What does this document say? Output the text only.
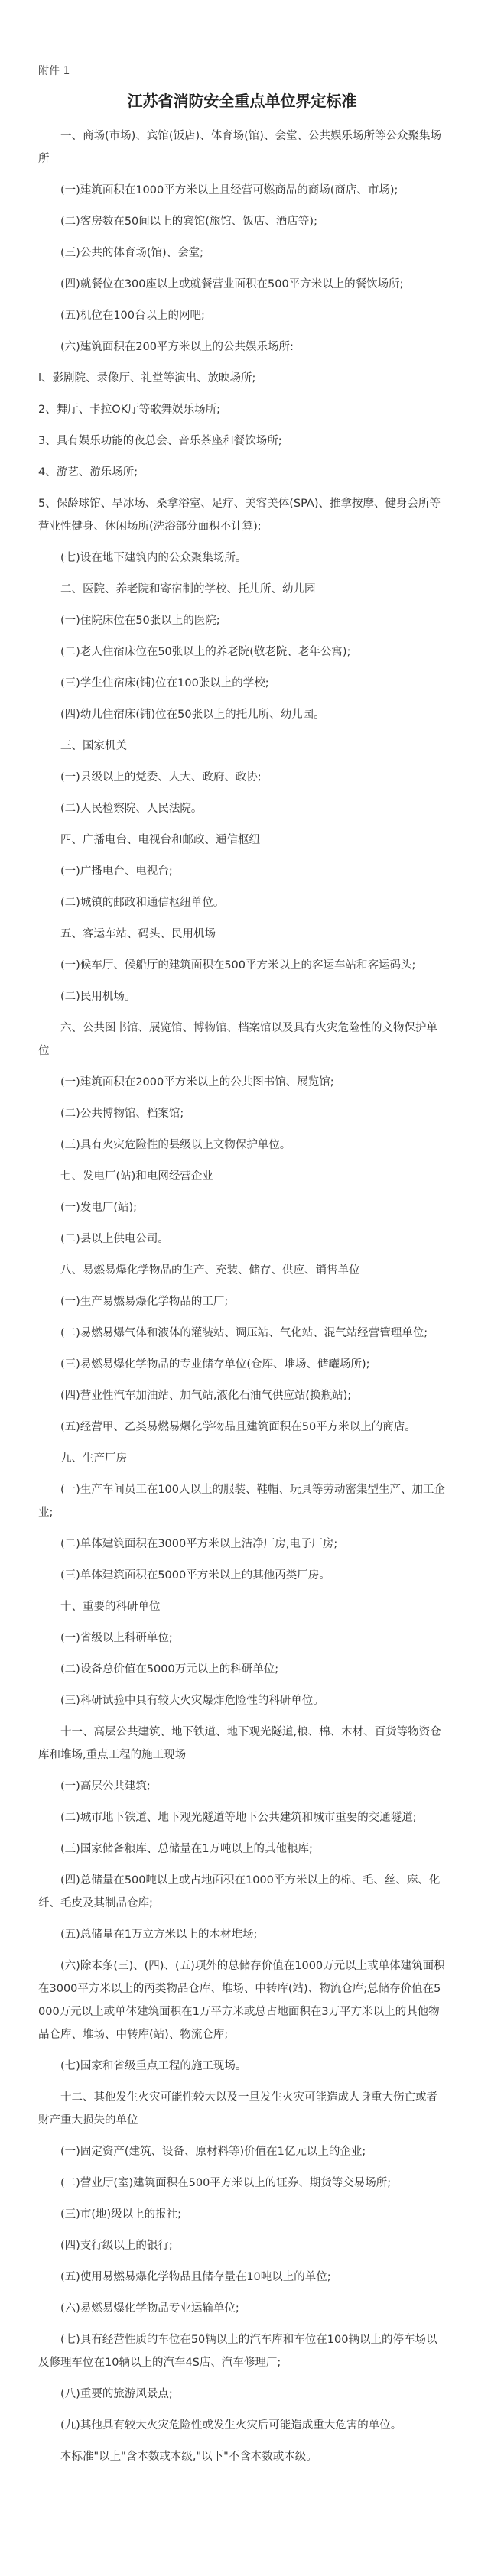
附件 1
江苏省消防安全重点单位界定标准

一、商场(市场)、宾馆(饭店)、体育场(馆)、会堂、公共娱乐场所等公众聚集场所

(一)建筑面积在1000平方米以上且经营可燃商品的商场(商店、市场);

(二)客房数在50间以上的宾馆(旅馆、饭店、酒店等);

(三)公共的体育场(馆)、会堂;

(四)就餐位在300座以上或就餐营业面积在500平方米以上的餐饮场所;

(五)机位在100台以上的网吧;

(六)建筑面积在200平方米以上的公共娱乐场所:

l、影剧院、录像厅、礼堂等演出、放映场所;

2、舞厅、卡拉OK厅等歌舞娱乐场所;

3、具有娱乐功能的夜总会、音乐茶座和餐饮场所;

4、游艺、游乐场所;

5、保龄球馆、旱冰场、桑拿浴室、足疗、美容美体(SPA)、推拿按摩、健身会所等营业性健身、休闲场所(洗浴部分面积不计算);

(七)设在地下建筑内的公众聚集场所。

二、医院、养老院和寄宿制的学校、托儿所、幼儿园

(一)住院床位在50张以上的医院;

(二)老人住宿床位在50张以上的养老院(敬老院、老年公寓);

(三)学生住宿床(铺)位在100张以上的学校;

(四)幼儿住宿床(铺)位在50张以上的托儿所、幼儿园。

三、国家机关

(一)县级以上的党委、人大、政府、政协;

(二)人民检察院、人民法院。

四、广播电台、电视台和邮政、通信枢纽

(一)广播电台、电视台;

(二)城镇的邮政和通信枢纽单位。

五、客运车站、码头、民用机场

(一)候车厅、候船厅的建筑面积在500平方米以上的客运车站和客运码头;

(二)民用机场。

六、公共图书馆、展览馆、博物馆、档案馆以及具有火灾危险性的文物保护单位

(一)建筑面积在2000平方米以上的公共图书馆、展览馆;

(二)公共博物馆、档案馆;

(三)具有火灾危险性的县级以上文物保护单位。

七、发电厂(站)和电网经营企业

(一)发电厂(站);

(二)县以上供电公司。

八、易燃易爆化学物品的生产、充装、储存、供应、销售单位

(一)生产易燃易爆化学物品的工厂;

(二)易燃易爆气体和液体的灌装站、调压站、气化站、混气站经营管理单位;

(三)易燃易爆化学物品的专业储存单位(仓库、堆场、储罐场所);

(四)营业性汽车加油站、加气站,液化石油气供应站(换瓶站);

(五)经营甲、乙类易燃易爆化学物品且建筑面积在50平方米以上的商店。

九、生产厂房

(一)生产车间员工在100人以上的服装、鞋帽、玩具等劳动密集型生产、加工企业;

(二)单体建筑面积在3000平方米以上洁净厂房,电子厂房;

(三)单体建筑面积在5000平方米以上的其他丙类厂房。

十、重要的科研单位

(一)省级以上科研单位;

(二)设备总价值在5000万元以上的科研单位;

(三)科研试验中具有较大火灾爆炸危险性的科研单位。

十一、高层公共建筑、地下铁道、地下观光隧道,粮、棉、木材、百货等物资仓库和堆场,重点工程的施工现场

(一)高层公共建筑;

(二)城市地下铁道、地下观光隧道等地下公共建筑和城市重要的交通隧道;

(三)国家储备粮库、总储量在1万吨以上的其他粮库;

(四)总储量在500吨以上或占地面积在1000平方米以上的棉、毛、丝、麻、化纤、毛皮及其制品仓库;

(五)总储量在1万立方米以上的木材堆场;

(六)除本条(三)、(四)、(五)项外的总储存价值在1000万元以上或单体建筑面积在3000平方米以上的丙类物品仓库、堆场、中转库(站)、物流仓库;总储存价值在5000万元以上或单体建筑面积在1万平方米或总占地面积在3万平方米以上的其他物品仓库、堆场、中转库(站)、物流仓库;

(七)国家和省级重点工程的施工现场。

十二、其他发生火灾可能性较大以及一旦发生火灾可能造成人身重大伤亡或者财产重大损失的单位

(一)固定资产(建筑、设备、原材料等)价值在1亿元以上的企业;

(二)营业厅(室)建筑面积在500平方米以上的证券、期货等交易场所;

(三)市(地)级以上的报社;

(四)支行级以上的银行;

(五)使用易燃易爆化学物品且储存量在10吨以上的单位;

(六)易燃易爆化学物品专业运输单位;

(七)具有经营性质的车位在50辆以上的汽车库和车位在100辆以上的停车场以及修理车位在10辆以上的汽车4S店、汽车修理厂;

(八)重要的旅游风景点;

(九)其他具有较大火灾危险性或发生火灾后可能造成重大危害的单位。

本标准"以上"含本数或本级,"以下"不含本数或本级。
